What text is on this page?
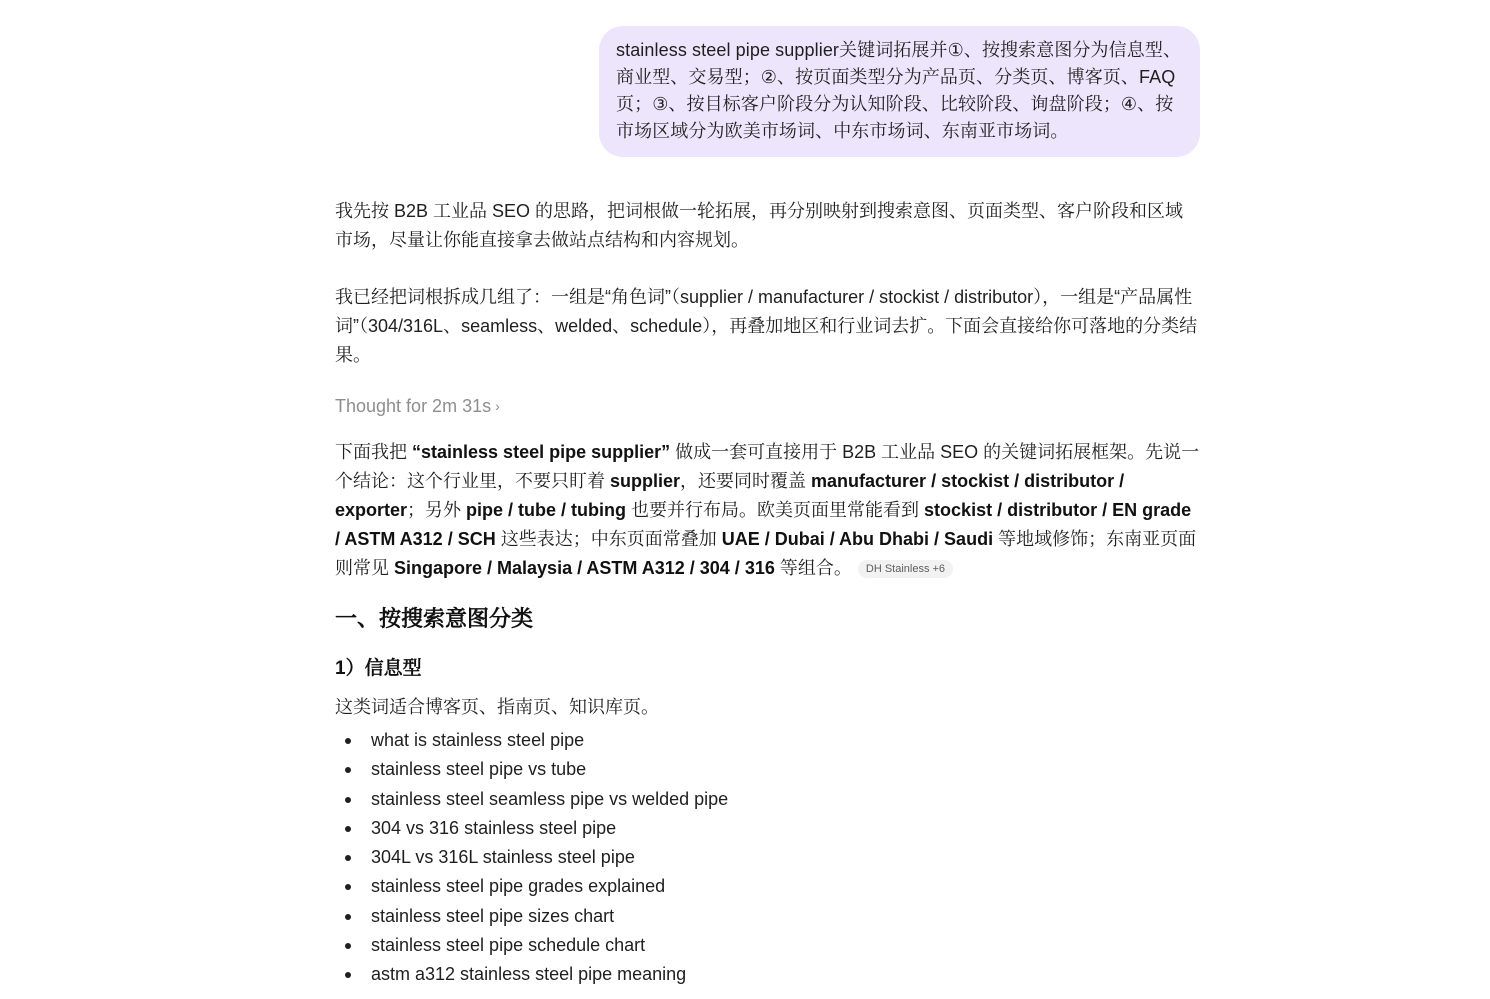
stainless steel pipe supplier关键词拓展并①、按搜索意图分为信息型、商业型、交易型；②、按页面类型分为产品页、分类页、博客页、FAQ页；③、按目标客户阶段分为认知阶段、比较阶段、询盘阶段；④、按市场区域分为欧美市场词、中东市场词、东南亚市场词。

我先按 B2B 工业品 SEO 的思路，把词根做一轮拓展，再分别映射到搜索意图、页面类型、客户阶段和区域市场，尽量让你能直接拿去做站点结构和内容规划。

我已经把词根拆成几组了：一组是“角色词”（supplier / manufacturer / stockist / distributor），一组是“产品属性词”（304/316L、seamless、welded、schedule），再叠加地区和行业词去扩。下面会直接给你可落地的分类结果。

Thought for 2m 31s ›

下面我把 “stainless steel pipe supplier” 做成一套可直接用于 B2B 工业品 SEO 的关键词拓展框架。先说一个结论：这个行业里，不要只盯着 supplier，还要同时覆盖 manufacturer / stockist / distributor / exporter；另外 pipe / tube / tubing 也要并行布局。欧美页面里常能看到 stockist / distributor / EN grade / ASTM A312 / SCH 这些表达；中东页面常叠加 UAE / Dubai / Abu Dhabi / Saudi 等地域修饰；东南亚页面则常见 Singapore / Malaysia / ASTM A312 / 304 / 316 等组合。 DH Stainless +6

一、按搜索意图分类
1）信息型

这类词适合博客页、指南页、知识库页。

what is stainless steel pipe
stainless steel pipe vs tube
stainless steel seamless pipe vs welded pipe
304 vs 316 stainless steel pipe
304L vs 316L stainless steel pipe
stainless steel pipe grades explained
stainless steel pipe sizes chart
stainless steel pipe schedule chart
astm a312 stainless steel pipe meaning
